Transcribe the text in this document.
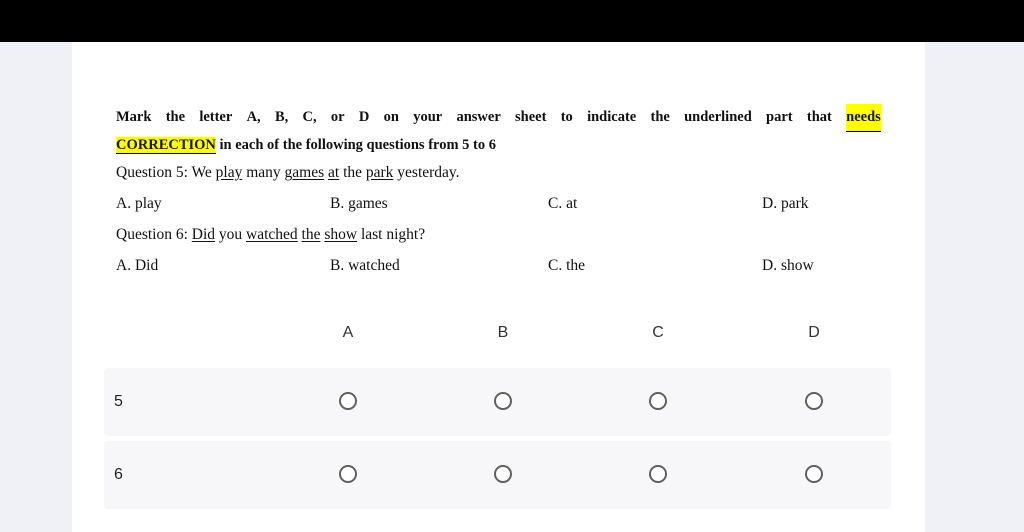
Mark the letter A, B, C, or D on your answer sheet to indicate the underlined part that needs
CORRECTION in each of the following questions from 5 to 6
Question 5: We play many games at the park yesterday.
A. play	B. games	C. at	D. park
Question 6: Did you watched the show last night?
A. Did	B. watched	C. the	D. show
A	B	C	D
5
6
